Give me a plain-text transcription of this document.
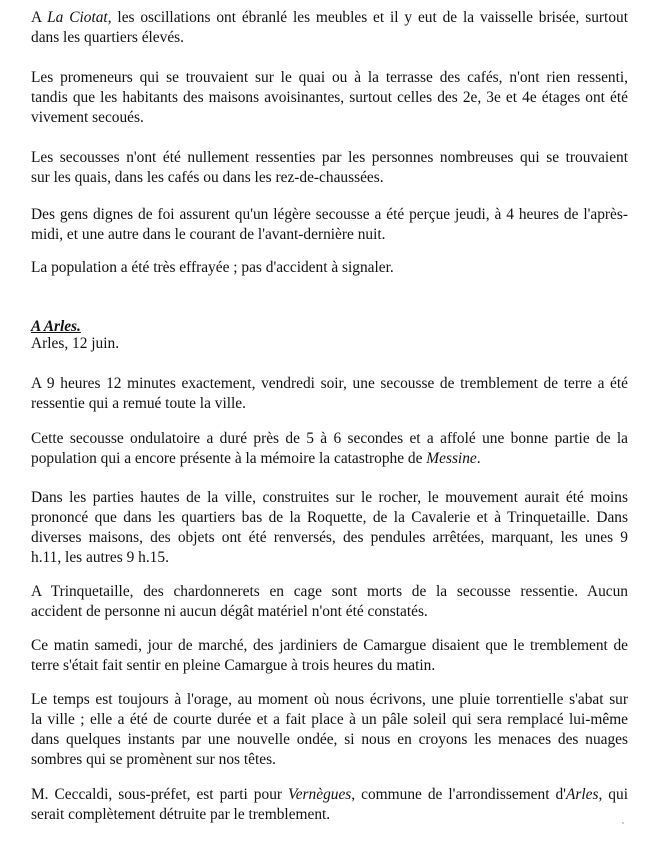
A La Ciotat, les oscillations ont ébranlé les meubles et il y eut de la vaisselle brisée, surtout
dans les quartiers élevés.

Les promeneurs qui se trouvaient sur le quai ou à la terrasse des cafés, n'ont rien ressenti,
tandis que les habitants des maisons avoisinantes, surtout celles des 2e, 3e et 4e étages ont été
vivement secoués.

Les secousses n'ont été nullement ressenties par les personnes nombreuses qui se trouvaient
sur les quais, dans les cafés ou dans les rez-de-chaussées.

Des gens dignes de foi assurent qu'un légère secousse a été perçue jeudi, à 4 heures de l'après-
midi, et une autre dans le courant de l'avant-dernière nuit.

La population a été très effrayée ; pas d'accident à signaler.

A Arles.
Arles, 12 juin.

A 9 heures 12 minutes exactement, vendredi soir, une secousse de tremblement de terre a été
ressentie qui a remué toute la ville.

Cette secousse ondulatoire a duré près de 5 à 6 secondes et a affolé une bonne partie de la
population qui a encore présente à la mémoire la catastrophe de Messine.

Dans les parties hautes de la ville, construites sur le rocher, le mouvement aurait été moins
prononcé que dans les quartiers bas de la Roquette, de la Cavalerie et à Trinquetaille. Dans
diverses maisons, des objets ont été renversés, des pendules arrêtées, marquant, les unes 9
h.11, les autres 9 h.15.

A Trinquetaille, des chardonnerets en cage sont morts de la secousse ressentie. Aucun
accident de personne ni aucun dégât matériel n'ont été constatés.

Ce matin samedi, jour de marché, des jardiniers de Camargue disaient que le tremblement de
terre s'était fait sentir en pleine Camargue à trois heures du matin.

Le temps est toujours à l'orage, au moment où nous écrivons, une pluie torrentielle s'abat sur
la ville ; elle a été de courte durée et a fait place à un pâle soleil qui sera remplacé lui-même
dans quelques instants par une nouvelle ondée, si nous en croyons les menaces des nuages
sombres qui se promènent sur nos têtes.

M. Ceccaldi, sous-préfet, est parti pour Vernègues, commune de l'arrondissement d'Arles, qui
serait complètement détruite par le tremblement.
